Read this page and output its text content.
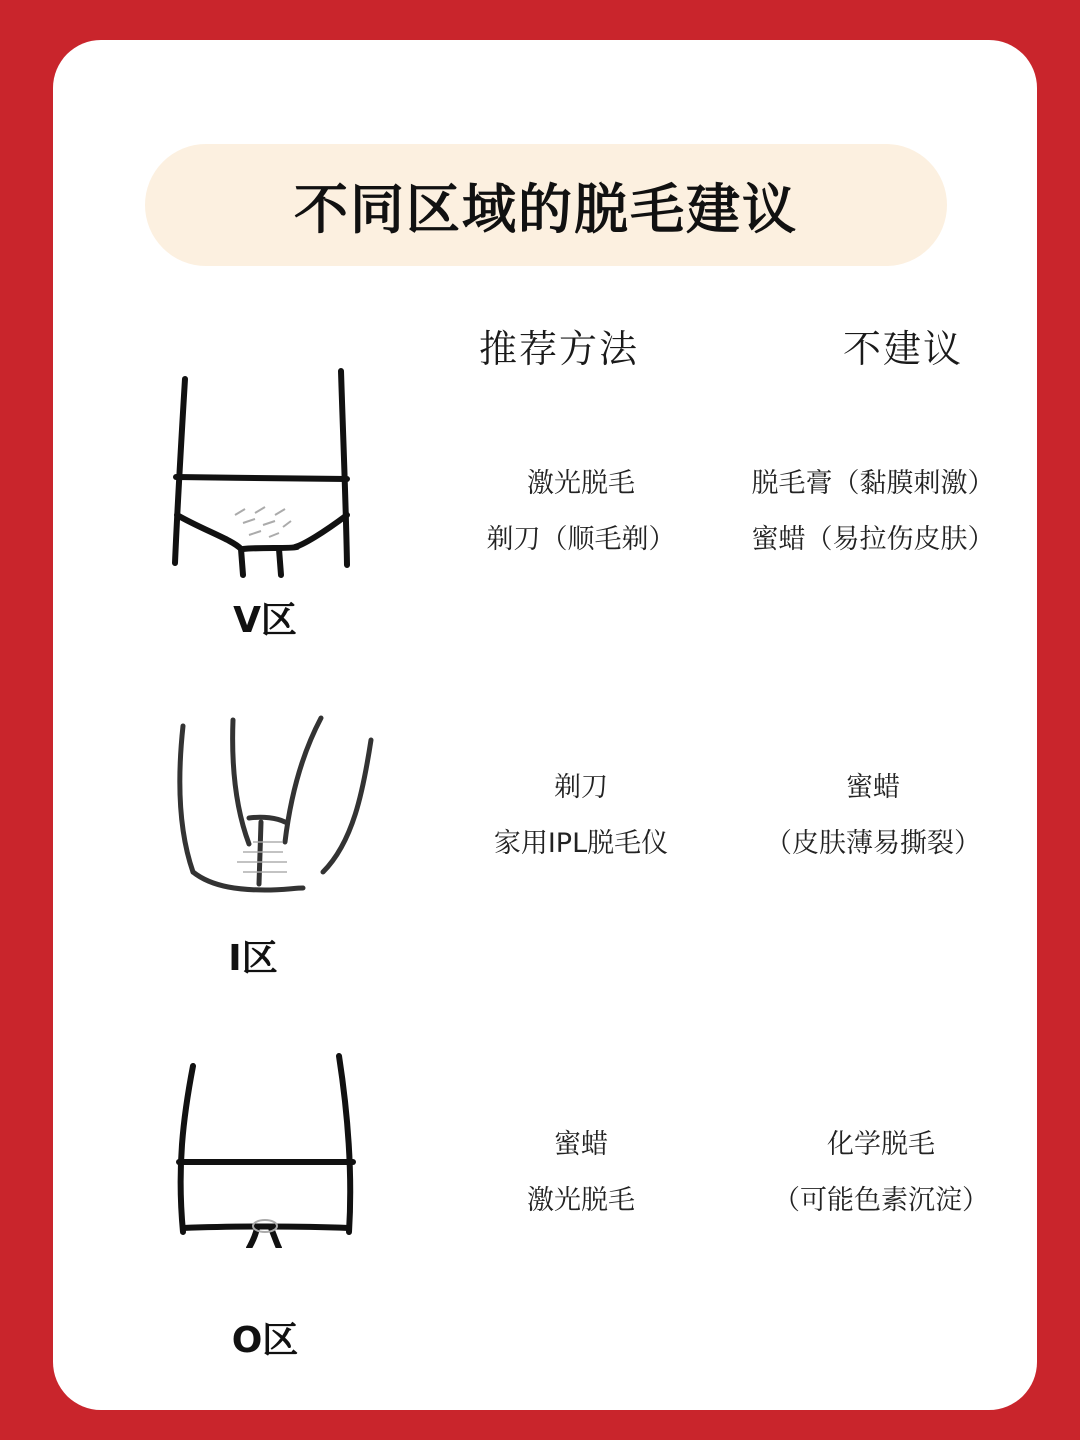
不同区域的脱毛建议
推荐方法	不建议
V区
激光脱毛
剃刀（顺毛剃）
脱毛膏（黏膜刺激）
蜜蜡（易拉伤皮肤）
I区
剃刀
家用IPL脱毛仪
蜜蜡
（皮肤薄易撕裂）
O区
蜜蜡
激光脱毛
化学脱毛
（可能色素沉淀）
